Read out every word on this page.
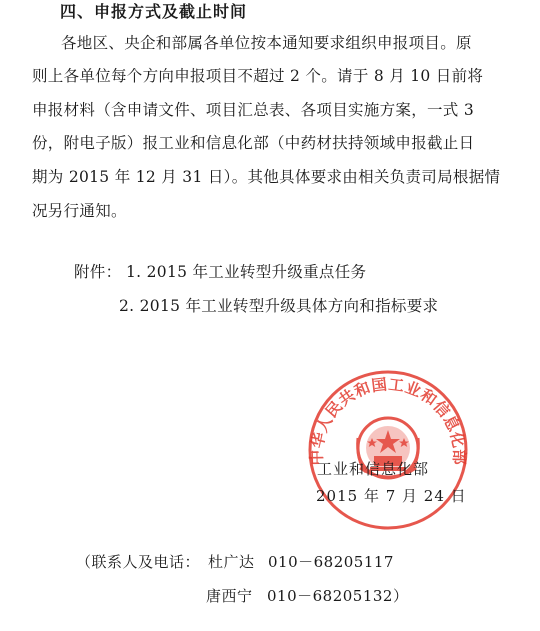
四、申报方式及截止时间
各地区、央企和部属各单位按本通知要求组织申报项目。原
则上各单位每个方向申报项目不超过 2 个。请于 8 月 10 日前将
申报材料（含申请文件、项目汇总表、各项目实施方案，一式 3
份，附电子版）报工业和信息化部（中药材扶持领域申报截止日
期为 2015 年 12 月 31 日）。其他具体要求由相关负责司局根据情
况另行通知。
附件： 1. 2015 年工业转型升级重点任务
2. 2015 年工业转型升级具体方向和指标要求
中华人民共和国工业和信息化部
工业和信息化部
2015 年 7 月 24 日
（联系人及电话： 杜广达 010－68205117
唐西宁 010－68205132）
